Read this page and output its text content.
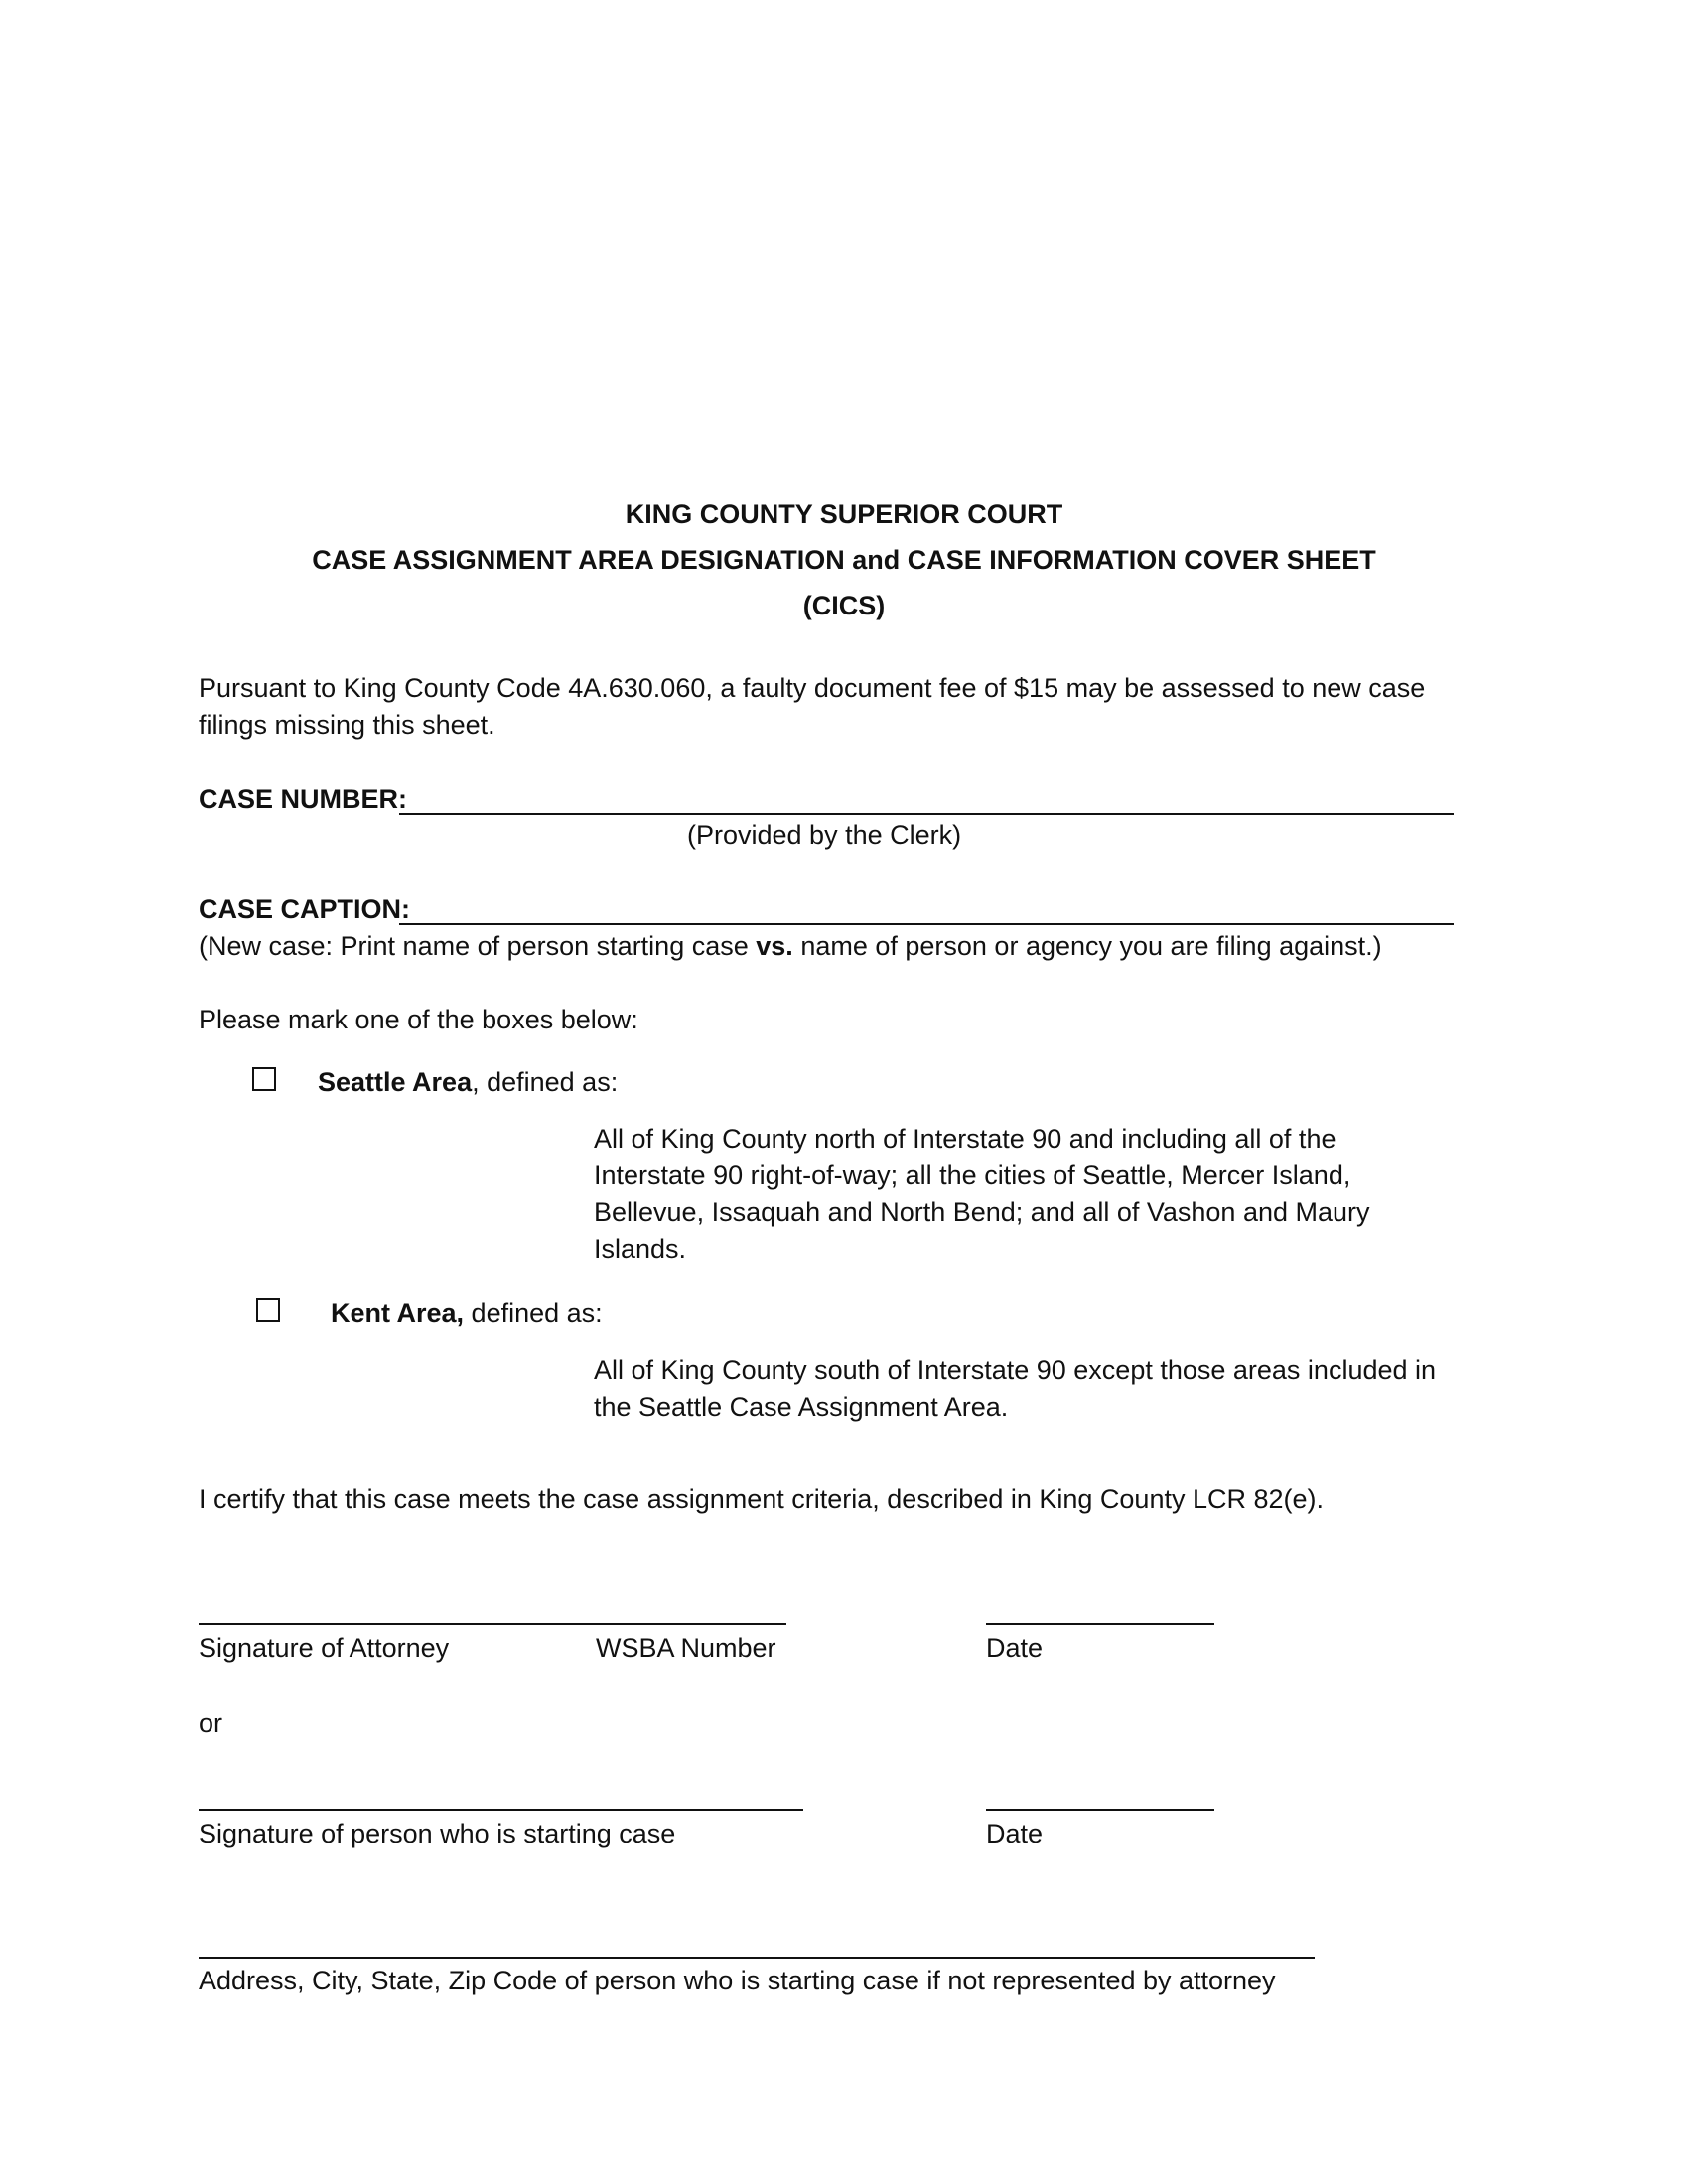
KING COUNTY SUPERIOR COURT
CASE ASSIGNMENT AREA DESIGNATION and CASE INFORMATION COVER SHEET
(CICS)
Pursuant to King County Code 4A.630.060, a faulty document fee of $15 may be assessed to new case
filings missing this sheet.
CASE NUMBER:
(Provided by the Clerk)
CASE CAPTION:
(New case: Print name of person starting case vs. name of person or agency you are filing against.)
Please mark one of the boxes below:
Seattle Area, defined as:
All of King County north of Interstate 90 and including all of the
Interstate 90 right-of-way; all the cities of Seattle, Mercer Island,
Bellevue, Issaquah and North Bend; and all of Vashon and Maury
Islands.
Kent Area, defined as:
All of King County south of Interstate 90 except those areas included in
the Seattle Case Assignment Area.
I certify that this case meets the case assignment criteria, described in King County LCR 82(e).
Signature of Attorney	WSBA Number	Date
or
Signature of person who is starting case	Date
Address, City, State, Zip Code of person who is starting case if not represented by attorney
